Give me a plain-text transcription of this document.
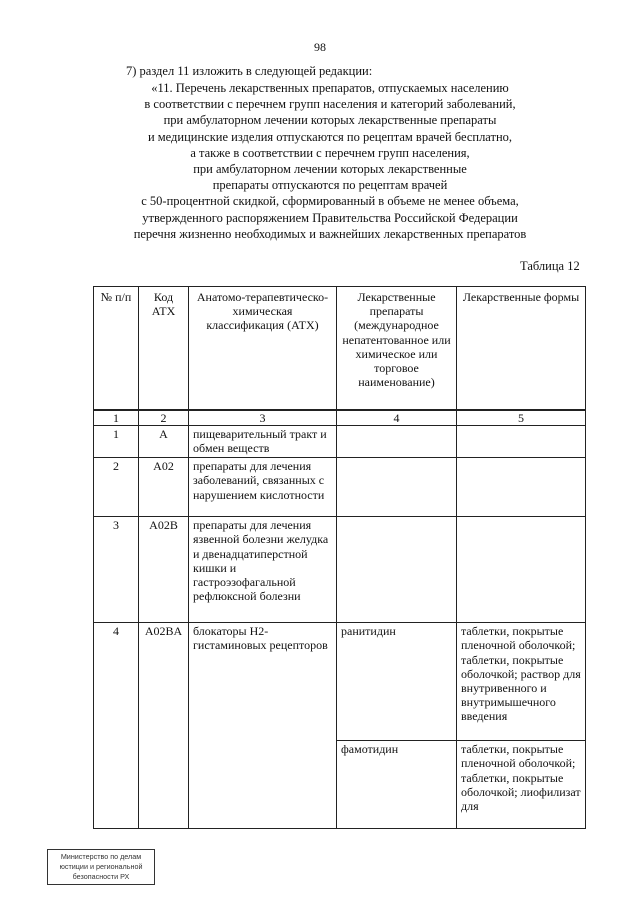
98
7) раздел 11 изложить в следующей редакции:
«11. Перечень лекарственных препаратов, отпускаемых населению
в соответствии с перечнем групп населения и категорий заболеваний,
при амбулаторном лечении которых лекарственные препараты
и медицинские изделия отпускаются по рецептам врачей бесплатно,
а также в соответствии с перечнем групп населения,
при амбулаторном лечении которых лекарственные
препараты отпускаются по рецептам врачей
с 50-процентной скидкой, сформированный в объеме не менее объема,
утвержденного распоряжением Правительства Российской Федерации
перечня жизненно необходимых и важнейших лекарственных препаратов
Таблица 12
№ п/п	Код АТХ	Анатомо-терапевтическо-химическая классификация (АТХ)	Лекарственные препараты (международное непатентованное или химическое или торговое наименование)	Лекарственные формы
1	2	3	4	5
1	A	пищеварительный тракт и обмен веществ		
2	A02	препараты для лечения заболеваний, связанных с нарушением кислотности		
3	A02B	препараты для лечения язвенной болезни желудка и двенадцатиперстной кишки и гастроэзофагальной рефлюксной болезни		
4	A02BA	блокаторы H2-гистаминовых рецепторов	ранитидин	таблетки, покрытые пленочной оболочкой; таблетки, покрытые оболочкой; раствор для внутривенного и внутримышечного введения
			фамотидин	таблетки, покрытые пленочной оболочкой; таблетки, покрытые оболочкой; лиофилизат для
Министерство по делам
юстиции и региональной
безопасности РХ
